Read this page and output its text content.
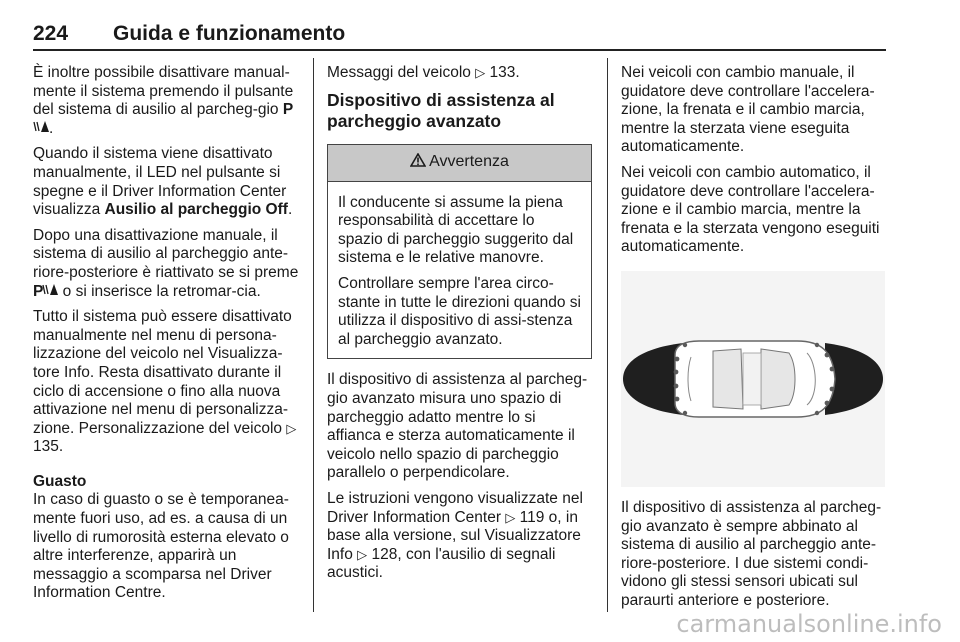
224 Guida e funzionamento

È inoltre possibile disattivare manual-mente il sistema premendo il pulsante del sistema di ausilio al parcheg-gio P.

Quando il sistema viene disattivato manualmente, il LED nel pulsante si spegne e il Driver Information Center visualizza Ausilio al parcheggio Off.

Dopo una disattivazione manuale, il sistema di ausilio al parcheggio ante-riore-posteriore è riattivato se si preme P o si inserisce la retromar-cia.

Tutto il sistema può essere disattivato manualmente nel menu di persona-lizzazione del veicolo nel Visualizza-tore Info. Resta disattivato durante il ciclo di accensione o fino alla nuova attivazione nel menu di personalizza-zione. Personalizzazione del veicolo ▷ 135.

Guasto

In caso di guasto o se è temporanea-mente fuori uso, ad es. a causa di un livello di rumorosità esterna elevato o altre interferenze, apparirà un messaggio a scomparsa nel Driver Information Centre.

Messaggi del veicolo ▷ 133.

Dispositivo di assistenza al parcheggio avanzato
Avvertenza

Il conducente si assume la piena responsabilità di accettare lo spazio di parcheggio suggerito dal sistema e le relative manovre.

Controllare sempre l'area circo-stante in tutte le direzioni quando si utilizza il dispositivo di assi-stenza al parcheggio avanzato.

Il dispositivo di assistenza al parcheg-gio avanzato misura uno spazio di parcheggio adatto mentre lo si affianca e sterza automaticamente il veicolo nello spazio di parcheggio parallelo o perpendicolare.

Le istruzioni vengono visualizzate nel Driver Information Center ▷ 119 o, in base alla versione, sul Visualizzatore Info ▷ 128, con l'ausilio di segnali acustici.

Nei veicoli con cambio manuale, il guidatore deve controllare l'accelera-zione, la frenata e il cambio marcia, mentre la sterzata viene eseguita automaticamente.

Nei veicoli con cambio automatico, il guidatore deve controllare l'accelera-zione e il cambio marcia, mentre la frenata e la sterzata vengono eseguiti automaticamente.

Il dispositivo di assistenza al parcheg-gio avanzato è sempre abbinato al sistema di ausilio al parcheggio ante-riore-posteriore. I due sistemi condi-vidono gli stessi sensori ubicati sul paraurti anteriore e posteriore.

carmanualsonline.info
